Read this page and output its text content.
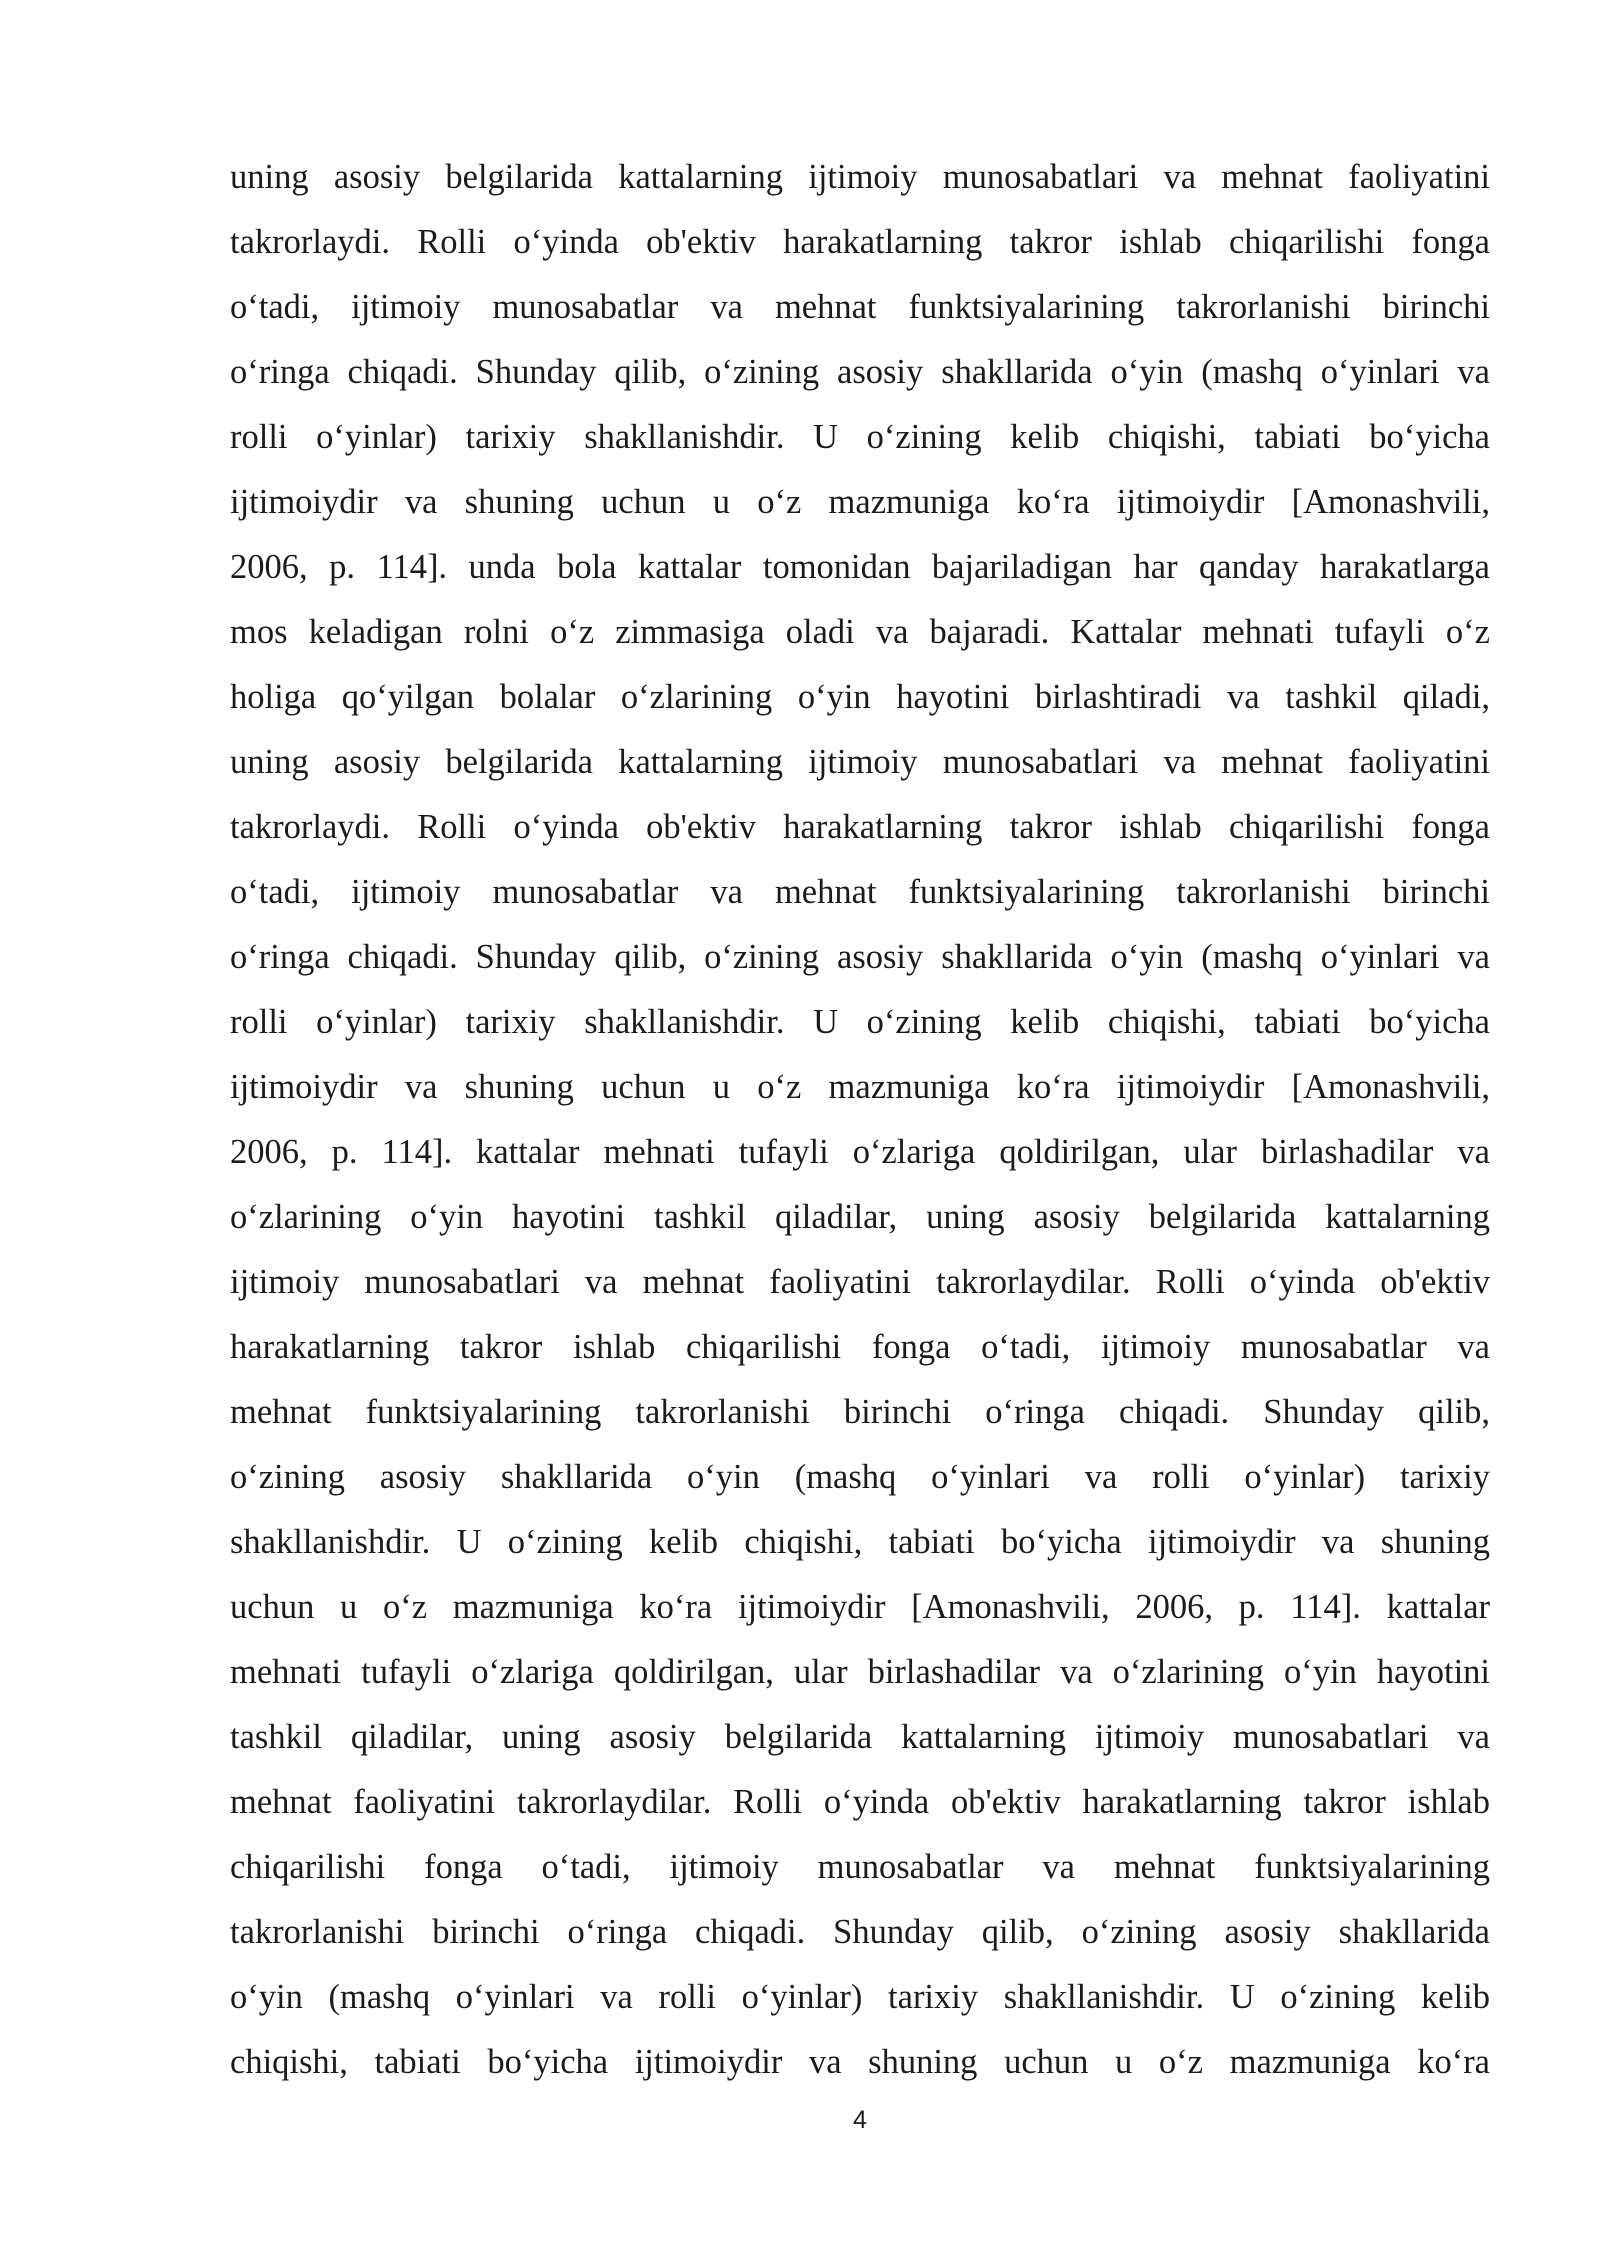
uning asosiy belgilarida kattalarning ijtimoiy munosabatlari va mehnat faoliyatini
takrorlaydi. Rolli o‘yinda ob'ektiv harakatlarning takror ishlab chiqarilishi fonga
o‘tadi, ijtimoiy munosabatlar va mehnat funktsiyalarining takrorlanishi birinchi
o‘ringa chiqadi. Shunday qilib, o‘zining asosiy shakllarida o‘yin (mashq o‘yinlari va
rolli o‘yinlar) tarixiy shakllanishdir. U o‘zining kelib chiqishi, tabiati bo‘yicha
ijtimoiydir va shuning uchun u o‘z mazmuniga ko‘ra ijtimoiydir [Amonashvili,
2006, p. 114]. unda bola kattalar tomonidan bajariladigan har qanday harakatlarga
mos keladigan rolni o‘z zimmasiga oladi va bajaradi. Kattalar mehnati tufayli o‘z
holiga qo‘yilgan bolalar o‘zlarining o‘yin hayotini birlashtiradi va tashkil qiladi,
uning asosiy belgilarida kattalarning ijtimoiy munosabatlari va mehnat faoliyatini
takrorlaydi. Rolli o‘yinda ob'ektiv harakatlarning takror ishlab chiqarilishi fonga
o‘tadi, ijtimoiy munosabatlar va mehnat funktsiyalarining takrorlanishi birinchi
o‘ringa chiqadi. Shunday qilib, o‘zining asosiy shakllarida o‘yin (mashq o‘yinlari va
rolli o‘yinlar) tarixiy shakllanishdir. U o‘zining kelib chiqishi, tabiati bo‘yicha
ijtimoiydir va shuning uchun u o‘z mazmuniga ko‘ra ijtimoiydir [Amonashvili,
2006, p. 114]. kattalar mehnati tufayli o‘zlariga qoldirilgan, ular birlashadilar va
o‘zlarining o‘yin hayotini tashkil qiladilar, uning asosiy belgilarida kattalarning
ijtimoiy munosabatlari va mehnat faoliyatini takrorlaydilar. Rolli o‘yinda ob'ektiv
harakatlarning takror ishlab chiqarilishi fonga o‘tadi, ijtimoiy munosabatlar va
mehnat funktsiyalarining takrorlanishi birinchi o‘ringa chiqadi. Shunday qilib,
o‘zining asosiy shakllarida o‘yin (mashq o‘yinlari va rolli o‘yinlar) tarixiy
shakllanishdir. U o‘zining kelib chiqishi, tabiati bo‘yicha ijtimoiydir va shuning
uchun u o‘z mazmuniga ko‘ra ijtimoiydir [Amonashvili, 2006, p. 114]. kattalar
mehnati tufayli o‘zlariga qoldirilgan, ular birlashadilar va o‘zlarining o‘yin hayotini
tashkil qiladilar, uning asosiy belgilarida kattalarning ijtimoiy munosabatlari va
mehnat faoliyatini takrorlaydilar. Rolli o‘yinda ob'ektiv harakatlarning takror ishlab
chiqarilishi fonga o‘tadi, ijtimoiy munosabatlar va mehnat funktsiyalarining
takrorlanishi birinchi o‘ringa chiqadi. Shunday qilib, o‘zining asosiy shakllarida
o‘yin (mashq o‘yinlari va rolli o‘yinlar) tarixiy shakllanishdir. U o‘zining kelib
chiqishi, tabiati bo‘yicha ijtimoiydir va shuning uchun u o‘z mazmuniga ko‘ra
4
